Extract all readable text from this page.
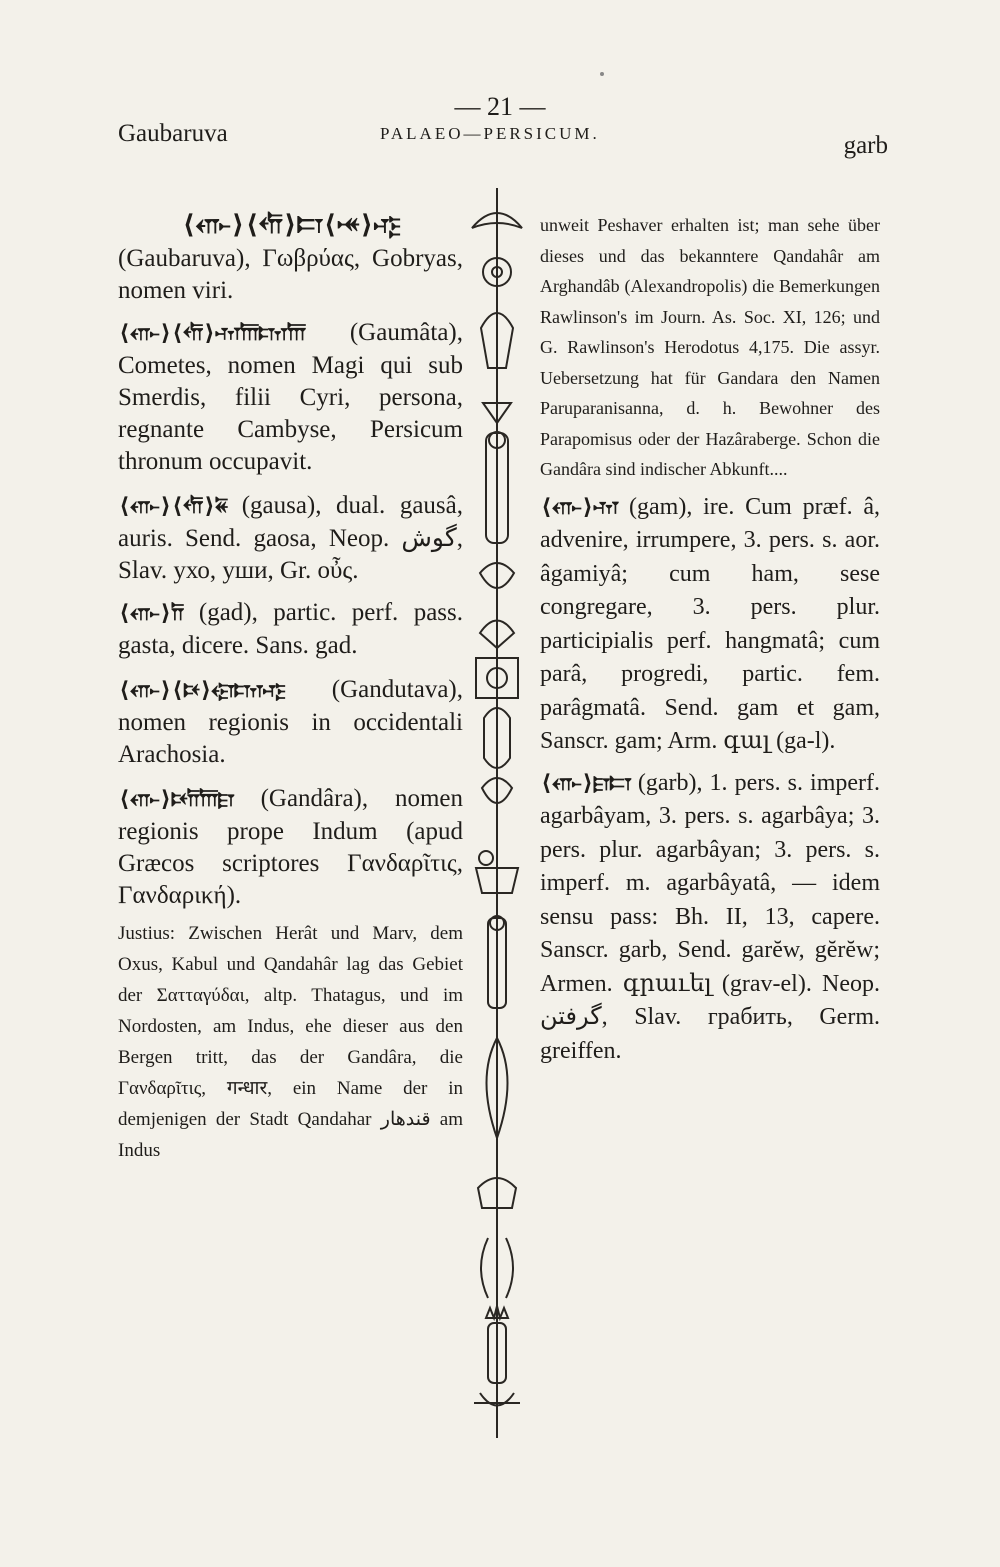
— 21 —
Gaubaruva	PALAEO—PERSICUM.	garb
⟨𐎥⟩⟨𐎢⟩𐎲⟨𐎽⟩𐎺

(Gaubaruva), Γωβρύας, Gobryas, nomen viri.

⟨𐎥⟩⟨𐎢⟩𐎶𐎠𐎫𐎠 (Gaumâta), Cometes, nomen Magi qui sub Smerdis, filii Cyri, persona, regnante Cambyse, Persicum thronum occupavit.

⟨𐎥⟩⟨𐎢⟩𐏁 (gausa), dual. gausâ, auris. Send. gaosa, Neop. گوش, Slav. ухо, уши, Gr. οὖς.

⟨𐎥⟩𐎭 (gad), partic. perf. pass. gasta, dicere. Sans. gad.

⟨𐎥⟩⟨𐎴⟩𐎯𐎫𐎺 (Gandutava), nomen regionis in occidentali Arachosia.

⟨𐎥⟩𐎴𐎭𐎠𐎼 (Gandâra), nomen regionis prope Indum (apud Græcos scriptores Γανδαρῖτις, Γανδαρική).

Justius: Zwischen Herât und Marv, dem Oxus, Kabul und Qandahâr lag das Gebiet der Σατταγύδαι, altp. Thatagus, und im Nordosten, am Indus, ehe dieser aus den Bergen tritt, das der Gandâra, die Γανδαρῖτις, गन्धार, ein Name der in demjenigen der Stadt Qandahar قندهار am Indus

unweit Peshaver erhalten ist; man sehe über dieses und das bekanntere Qandahâr am Arghandâb (Alexandropolis) die Bemerkungen Rawlinson's im Journ. As. Soc. XI, 126; und G. Rawlinson's Herodotus 4,175. Die assyr. Uebersetzung hat für Gandara den Namen Paruparanisanna, d. h. Bewohner des Parapomisus oder der Hazâraberge. Schon die Gandâra sind indischer Abkunft....

⟨𐎥⟩𐎶 (gam), ire. Cum præf. â, advenire, irrumpere, 3. pers. s. aor. âgamiyâ; cum ham, sese congregare, 3. pers. plur. participialis perf. hangmatâ; cum parâ, progredi, partic. fem. parâgmatâ. Send. gam et gam, Sanscr. gam; Arm. գալ (ga-l).

⟨𐎥⟩𐎼𐎲 (garb), 1. pers. s. imperf. agarbâyam, 3. pers. s. agarbâya; 3. pers. plur. agarbâyan; 3. pers. s. imperf. m. agarbâyatâ, — idem sensu pass: Bh. II, 13, capere. Sanscr. garb, Send. garĕw, gĕrĕw; Armen. գրաւել (grav-el). Neop. گرفتن, Slav. грабить, Germ. greiffen.
